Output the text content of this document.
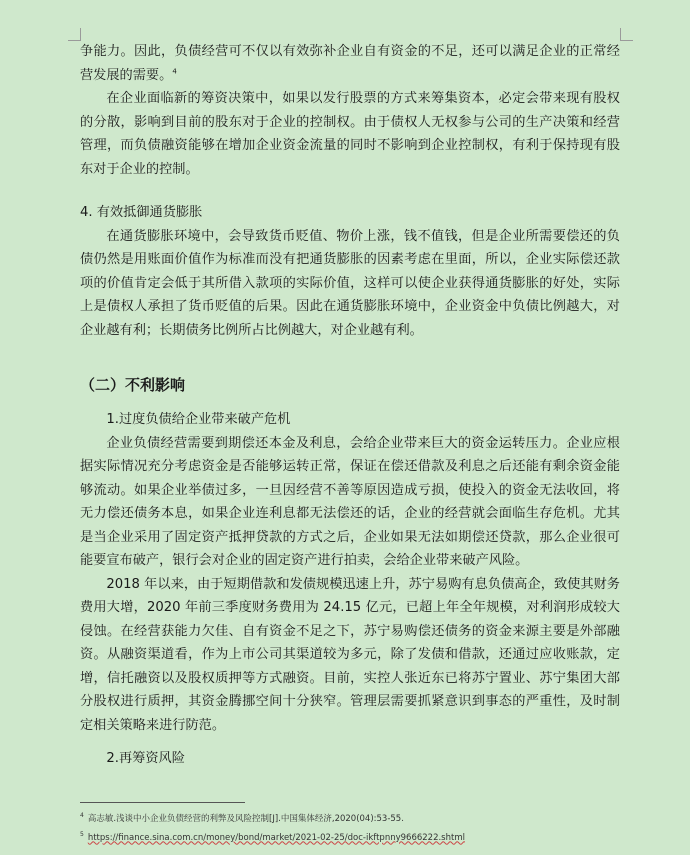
争能力。因此，负债经营可不仅以有效弥补企业自有资金的不足，还可以满足企业的正常经营发展的需要。$^4$

在企业面临新的筹资决策中，如果以发行股票的方式来筹集资本，必定会带来现有股权的分散，影响到目前的股东对于企业的控制权。由于债权人无权参与公司的生产决策和经营管理，而负债融资能够在增加企业资金流量的同时不影响到企业控制权，有利于保持现有股东对于企业的控制。

4. 有效抵御通货膨胀

在通货膨胀环境中，会导致货币贬值、物价上涨，钱不值钱，但是企业所需要偿还的负债仍然是用账面价值作为标准而没有把通货膨胀的因素考虑在里面，所以，企业实际偿还款项的价值肯定会低于其所借入款项的实际价值，这样可以使企业获得通货膨胀的好处，实际上是债权人承担了货币贬值的后果。因此在通货膨胀环境中，企业资金中负债比例越大，对企业越有利；长期债务比例所占比例越大，对企业越有利。

（二）不利影响

1.过度负债给企业带来破产危机

企业负债经营需要到期偿还本金及利息，会给企业带来巨大的资金运转压力。企业应根据实际情况充分考虑资金是否能够运转正常，保证在偿还借款及利息之后还能有剩余资金能够流动。如果企业举债过多，一旦因经营不善等原因造成亏损，使投入的资金无法收回，将无力偿还债务本息，如果企业连利息都无法偿还的话，企业的经营就会面临生存危机。尤其是当企业采用了固定资产抵押贷款的方式之后，企业如果无法如期偿还贷款，那么企业很可能要宣布破产，银行会对企业的固定资产进行拍卖，会给企业带来破产风险。

2018 年以来，由于短期借款和发债规模迅速上升，苏宁易购有息负债高企，致使其财务费用大增，2020 年前三季度财务费用为 24.15 亿元，已超上年全年规模，对利润形成较大侵蚀。在经营获能力欠佳、自有资金不足之下，苏宁易购偿还债务的资金来源主要是外部融资。从融资渠道看，作为上市公司其渠道较为多元，除了发债和借款，还通过应收账款，定增，信托融资以及股权质押等方式融资。目前，实控人张近东已将苏宁置业、苏宁集团大部分股权进行质押，其资金腾挪空间十分狭窄。管理层需要抓紧意识到事态的严重性，及时制定相关策略来进行防范。

2.再筹资风险

$^4$ 高志敏.浅谈中小企业负债经营的利弊及风险控制[J].中国集体经济,2020(04):53-55.
$^5$ https://finance.sina.com.cn/money/bond/market/2021-02-25/doc-ikftpnny9666222.shtml
